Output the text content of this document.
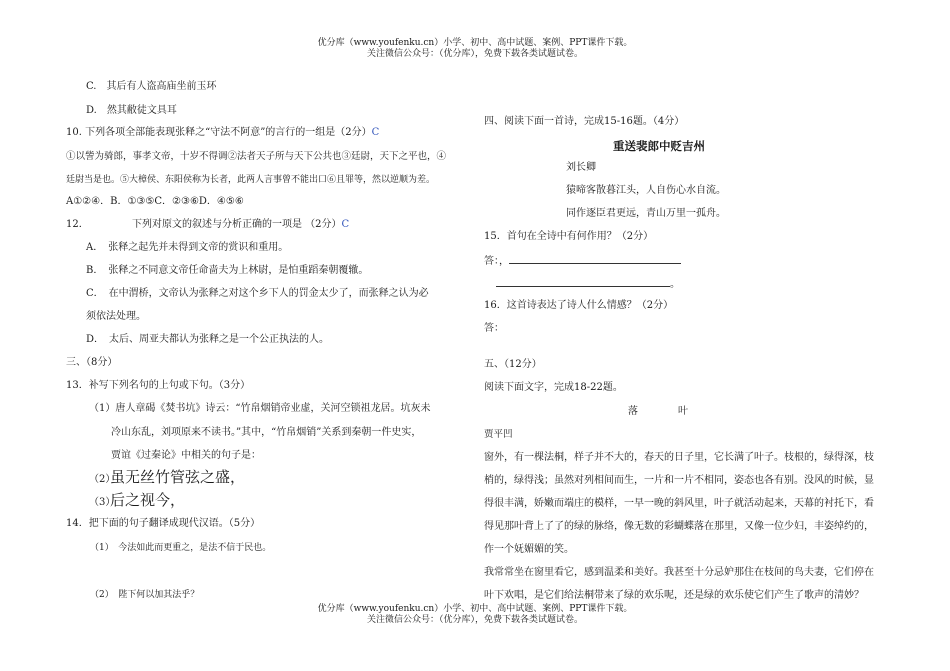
优分库（www.youfenku.cn）小学、初中、高中试题、案例、PPT课件下载。
关注微信公众号：（优分库），免费下载各类试题试卷。
C.　其后有人盗高庙坐前玉环
D.　然其敝徒文具耳
10. 下列各项全部能表现张释之“守法不阿意”的言行的一组是（2分）C
①以訾为骑郎，事孝文帝，十岁不得调②法者天子所与天下公共也③廷尉，天下之平也，④
廷尉当是也。⑤大樟侯、东阳侯称为长者，此两人言事曾不能出口⑥且罪等，然以逆顺为差。
A①②④．B．①③⑤C．②③⑥D．④⑤⑥
12．	下列对原文的叙述与分析正确的一项是 （2分）C
A．　张释之起先并未得到文帝的赏识和重用。
B．　张释之不同意文帝任命啬夫为上林尉，是怕重蹈秦朝覆辙。
C．　在中渭桥，文帝认为张释之对这个乡下人的罚金太少了，而张释之认为必
须依法处理。
D．　太后、周亚夫都认为张释之是一个公正执法的人。
三、（8分）
13．补写下列名句的上句或下句。（3分）
（1）唐人章碣《焚书坑》诗云：“竹帛烟销帝业虚，关河空锁祖龙居。坑灰未
冷山东乱，刘项原来不读书。”其中，“竹帛烟销”关系到秦朝一件史实，
贾谊《过秦论》中相关的句子是：
（2）
虽无丝竹管弦之盛，
（3）
后之视今，
14．把下面的句子翻译成现代汉语。（5分）
（1）　今法如此而更重之，是法不信于民也。
（2）　陛下何以加其法乎？
四、阅读下面一首诗，完成15-16题。（4分）
重送裴郎中贬吉州
刘长卿
猿啼客散暮江头，人自伤心水自流。
同作逐臣君更远，青山万里一孤舟。
15．首句在全诗中有何作用？（2分）
答：，
。
16．这首诗表达了诗人什么情感？（2分）
答：
五、（12分）
阅读下面文字，完成18-22题。
落	叶
贾平凹
窗外，有一棵法桐，样子并不大的，春天的日子里，它长满了叶子。枝根的，绿得深，枝
梢的，绿得浅；虽然对列相间而生，一片和一片不相同，姿态也各有别。没风的时候，显
得很丰满，娇嫩而端庄的模样，一早一晚的斜风里，叶子就活动起来，天幕的衬托下，看
得见那叶背上了了的绿的脉络，像无数的彩蝴蝶落在那里，又像一位少妇，丰姿绰约的，
作一个妩媚媚的笑。
我常常坐在窗里看它，感到温柔和美好。我甚至十分忌妒那住在枝间的鸟夫妻，它们停在
叶下欢唱，是它们给法桐带来了绿的欢乐呢，还是绿的欢乐使它们产生了歌声的清妙？
优分库（www.youfenku.cn）小学、初中、高中试题、案例、PPT课件下载。
关注微信公众号：（优分库），免费下载各类试题试卷。
